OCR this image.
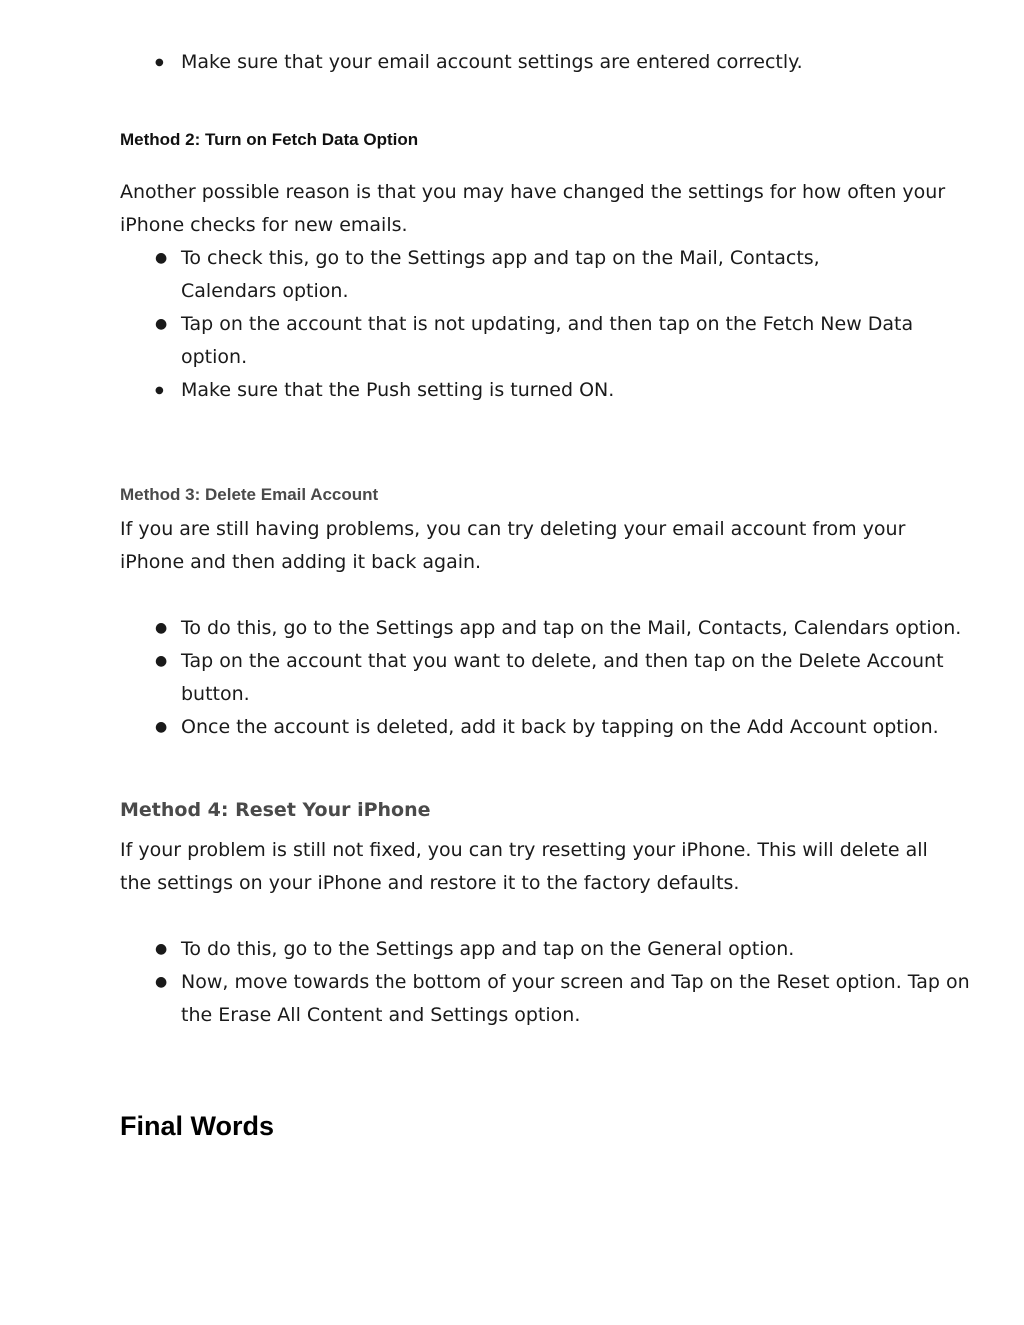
● Make sure that your email account settings are entered correctly.
Method 2: Turn on Fetch Data Option

Another possible reason is that you may have changed the settings for how often your
iPhone checks for new emails.

● To check this, go to the Settings app and tap on the Mail, Contacts, Calendars option.
● Tap on the account that is not updating, and then tap on the Fetch New Data option.
● Make sure that the Push setting is turned ON.
Method 3: Delete Email Account

If you are still having problems, you can try deleting your email account from your
iPhone and then adding it back again.

● To do this, go to the Settings app and tap on the Mail, Contacts, Calendars option.
● Tap on the account that you want to delete, and then tap on the Delete Account button.
● Once the account is deleted, add it back by tapping on the Add Account option.
Method 4: Reset Your iPhone

If your problem is still not fixed, you can try resetting your iPhone. This will delete all
the settings on your iPhone and restore it to the factory defaults.

● To do this, go to the Settings app and tap on the General option.
● Now, move towards the bottom of your screen and Tap on the Reset option. Tap on the Erase All Content and Settings option.
Final Words
